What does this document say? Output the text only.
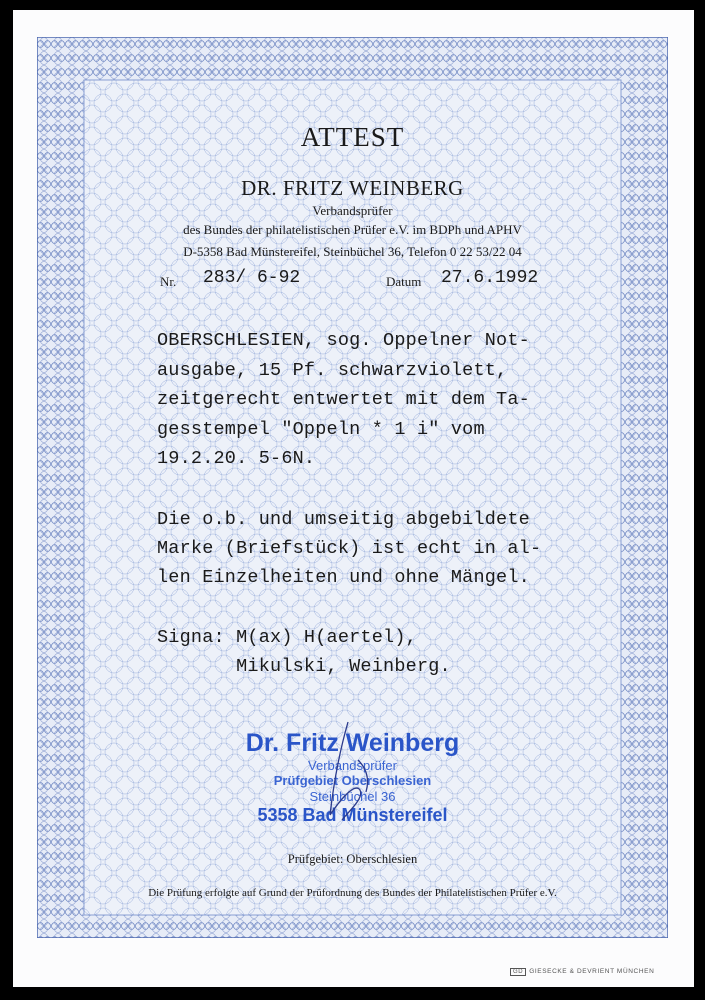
ATTEST
DR. FRITZ WEINBERG
Verbandsprüfer
des Bundes der philatelistischen Prüfer e.V. im BDPh und APHV
D-5358 Bad Münstereifel, Steinbüchel 36, Telefon 0 22 53/22 04
Nr. 283/ 6-92	Datum 27.6.1992
OBERSCHLESIEN, sog. Oppelner Not-
ausgabe, 15 Pf. schwarzviolett,
zeitgerecht entwertet mit dem Ta-
gesstempel "Oppeln * 1 i" vom
19.2.20. 5-6N.
Die o.b. und umseitig abgebildete
Marke (Briefstück) ist echt in al-
len Einzelheiten und ohne Mängel.
Signa: M(ax) H(aertel),
Mikulski, Weinberg.
Dr. Fritz Weinberg
Verbandsprüfer
Prüfgebiet Oberschlesien
Steinbüchel 36
5358 Bad Münstereifel
Prüfgebiet: Oberschlesien
Die Prüfung erfolgte auf Grund der Prüfordnung des Bundes der Philatelistischen Prüfer e.V.
GD GIESECKE & DEVRIENT MÜNCHEN
